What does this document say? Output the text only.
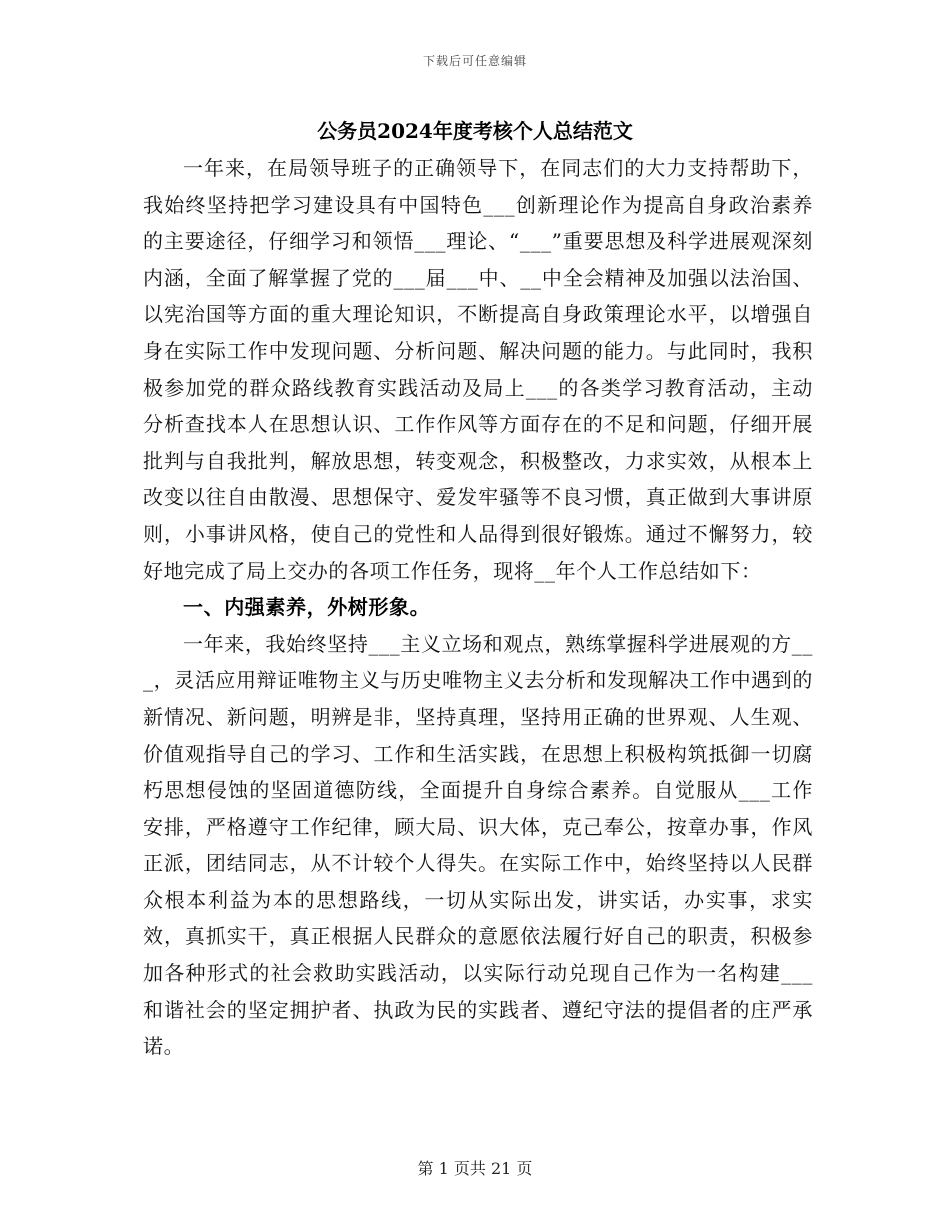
下载后可任意编辑
公务员2024年度考核个人总结范文

一年来，在局领导班子的正确领导下，在同志们的大力支持帮助下，我始终坚持把学习建设具有中国特色___创新理论作为提高自身政治素养的主要途径，仔细学习和领悟___理论、“___”重要思想及科学进展观深刻内涵，全面了解掌握了党的___届___中、__中全会精神及加强以法治国、以宪治国等方面的重大理论知识，不断提高自身政策理论水平，以增强自身在实际工作中发现问题、分析问题、解决问题的能力。与此同时，我积极参加党的群众路线教育实践活动及局上___的各类学习教育活动，主动分析查找本人在思想认识、工作作风等方面存在的不足和问题，仔细开展批判与自我批判，解放思想，转变观念，积极整改，力求实效，从根本上改变以往自由散漫、思想保守、爱发牢骚等不良习惯，真正做到大事讲原则，小事讲风格，使自己的党性和人品得到很好锻炼。通过不懈努力，较好地完成了局上交办的各项工作任务，现将__年个人工作总结如下：

一、内强素养，外树形象。

一年来，我始终坚持___主义立场和观点，熟练掌握科学进展观的方___，灵活应用辩证唯物主义与历史唯物主义去分析和发现解决工作中遇到的新情况、新问题，明辨是非，坚持真理，坚持用正确的世界观、人生观、价值观指导自己的学习、工作和生活实践，在思想上积极构筑抵御一切腐朽思想侵蚀的坚固道德防线，全面提升自身综合素养。自觉服从___工作安排，严格遵守工作纪律，顾大局、识大体，克己奉公，按章办事，作风正派，团结同志，从不计较个人得失。在实际工作中，始终坚持以人民群众根本利益为本的思想路线，一切从实际出发，讲实话，办实事，求实效，真抓实干，真正根据人民群众的意愿依法履行好自己的职责，积极参加各种形式的社会救助实践活动，以实际行动兑现自己作为一名构建___和谐社会的坚定拥护者、执政为民的实践者、遵纪守法的提倡者的庄严承诺。

第 1 页共 21 页
